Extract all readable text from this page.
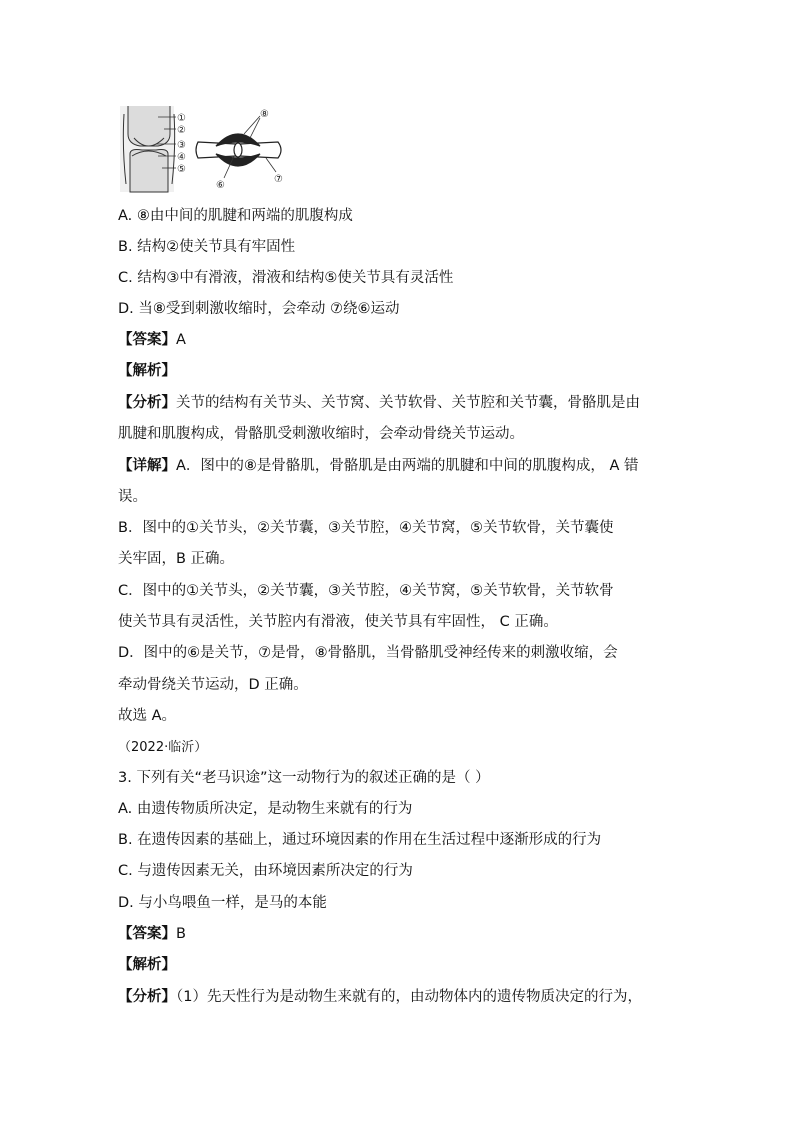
①
②
③
④
⑤
⑧
⑥
⑦
A. ⑧由中间的肌腱和两端的肌腹构成
B. 结构②使关节具有牢固性
C. 结构③中有滑液，滑液和结构⑤使关节具有灵活性
D. 当⑧受到刺激收缩时，会牵动 ⑦绕⑥运动
【答案】A
【解析】
【分析】关节的结构有关节头、关节窝、关节软骨、关节腔和关节囊，骨骼肌是由
肌腱和肌腹构成，骨骼肌受刺激收缩时，会牵动骨绕关节运动。
【详解】A．图中的⑧是骨骼肌，骨骼肌是由两端的肌腱和中间的肌腹构成， A 错
误。
B．图中的①关节头，②关节囊，③关节腔，④关节窝，⑤关节软骨，关节囊使
关牢固，B 正确。
C．图中的①关节头，②关节囊，③关节腔，④关节窝，⑤关节软骨，关节软骨
使关节具有灵活性，关节腔内有滑液，使关节具有牢固性， C 正确。
D．图中的⑥是关节，⑦是骨，⑧骨骼肌，当骨骼肌受神经传来的刺激收缩，会
牵动骨绕关节运动，D 正确。
故选 A。
（2022·临沂）
3. 下列有关“老马识途”这一动物行为的叙述正确的是（ ）
A. 由遗传物质所决定，是动物生来就有的行为
B. 在遗传因素的基础上，通过环境因素的作用在生活过程中逐渐形成的行为
C. 与遗传因素无关，由环境因素所决定的行为
D. 与小鸟喂鱼一样，是马的本能
【答案】B
【解析】
【分析】（1）先天性行为是动物生来就有的，由动物体内的遗传物质决定的行为，
